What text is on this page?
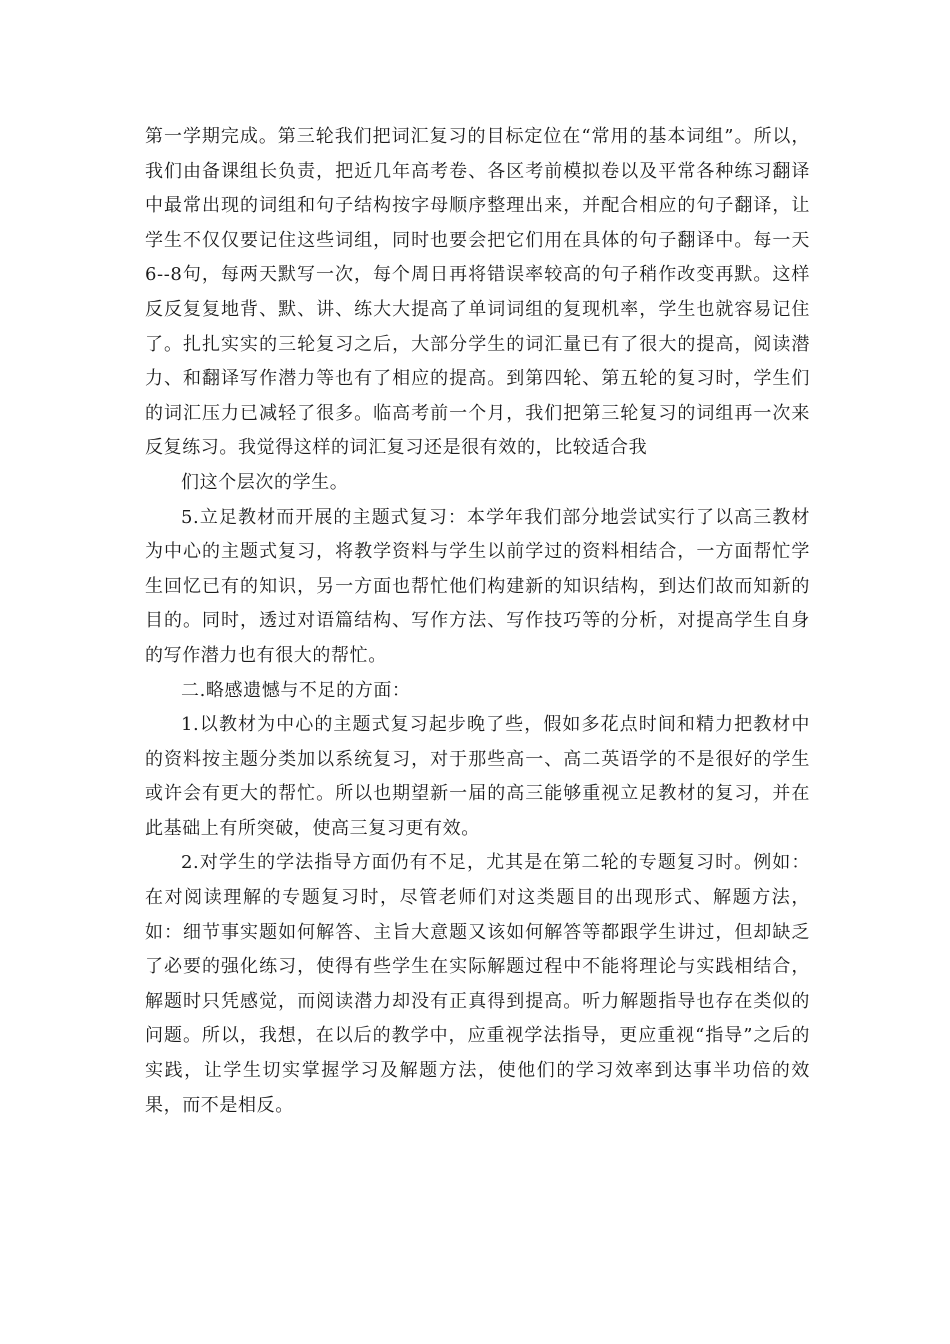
第一学期完成。第三轮我们把词汇复习的目标定位在“常用的基本词组”。所以，我们由备课组长负责，把近几年高考卷、各区考前模拟卷以及平常各种练习翻译中最常出现的词组和句子结构按字母顺序整理出来，并配合相应的句子翻译，让学生不仅仅要记住这些词组，同时也要会把它们用在具体的句子翻译中。每一天6--8句，每两天默写一次，每个周日再将错误率较高的句子稍作改变再默。这样反反复复地背、默、讲、练大大提高了单词词组的复现机率，学生也就容易记住了。扎扎实实的三轮复习之后，大部分学生的词汇量已有了很大的提高，阅读潜力、和翻译写作潜力等也有了相应的提高。到第四轮、第五轮的复习时，学生们的词汇压力已减轻了很多。临高考前一个月，我们把第三轮复习的词组再一次来反复练习。我觉得这样的词汇复习还是很有效的，比较适合我

们这个层次的学生。

5.立足教材而开展的主题式复习：本学年我们部分地尝试实行了以高三教材为中心的主题式复习，将教学资料与学生以前学过的资料相结合，一方面帮忙学生回忆已有的知识，另一方面也帮忙他们构建新的知识结构，到达们故而知新的目的。同时，透过对语篇结构、写作方法、写作技巧等的分析，对提高学生自身的写作潜力也有很大的帮忙。

二.略感遗憾与不足的方面：

1.以教材为中心的主题式复习起步晚了些，假如多花点时间和精力把教材中的资料按主题分类加以系统复习，对于那些高一、高二英语学的不是很好的学生或许会有更大的帮忙。所以也期望新一届的高三能够重视立足教材的复习，并在此基础上有所突破，使高三复习更有效。

2.对学生的学法指导方面仍有不足，尤其是在第二轮的专题复习时。例如：在对阅读理解的专题复习时，尽管老师们对这类题目的出现形式、解题方法，如：细节事实题如何解答、主旨大意题又该如何解答等都跟学生讲过，但却缺乏了必要的强化练习，使得有些学生在实际解题过程中不能将理论与实践相结合，解题时只凭感觉，而阅读潜力却没有正真得到提高。听力解题指导也存在类似的问题。所以，我想，在以后的教学中，应重视学法指导，更应重视“指导”之后的实践，让学生切实掌握学习及解题方法，使他们的学习效率到达事半功倍的效果，而不是相反。
